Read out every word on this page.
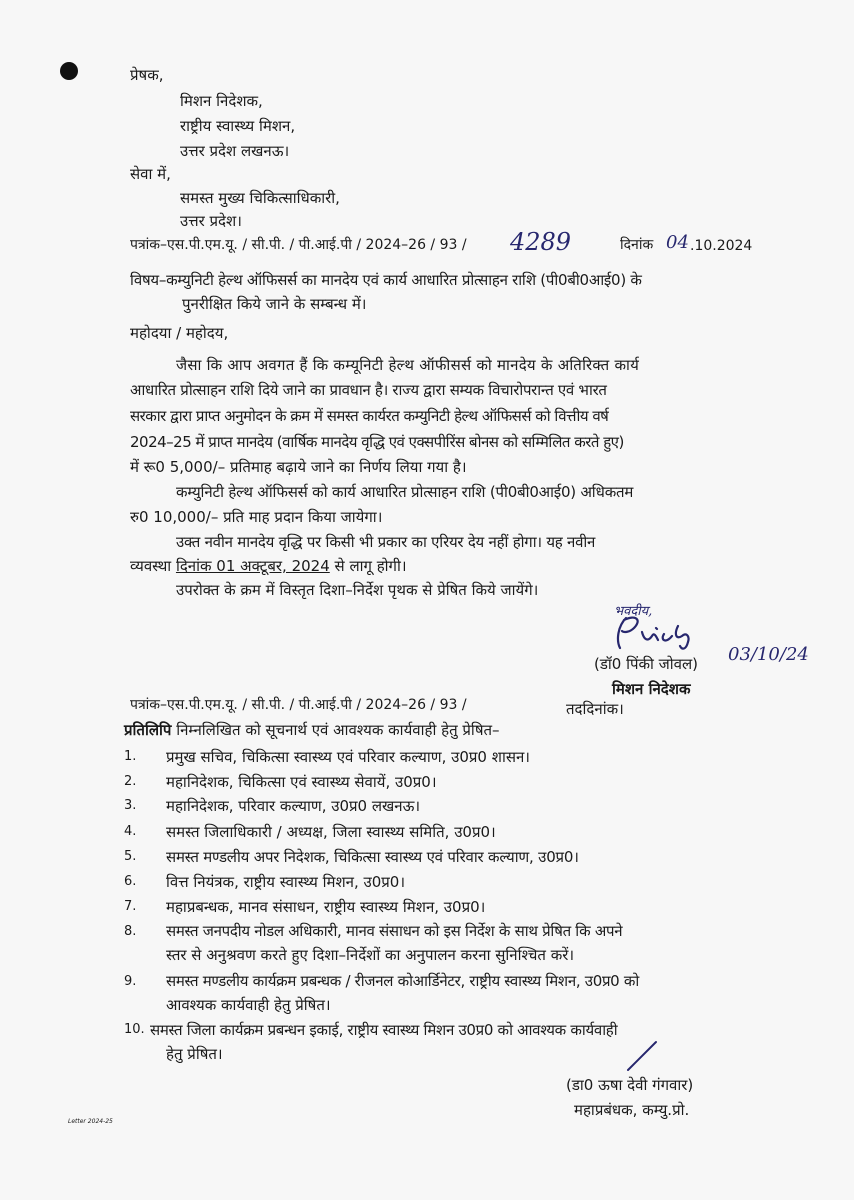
प्रेषक,
मिशन निदेशक,
राष्ट्रीय स्वास्थ्य मिशन,
उत्तर प्रदेश लखनऊ।
सेवा में,
समस्त मुख्य चिकित्साधिकारी,
उत्तर प्रदेश।
पत्रांक–एस.पी.एम.यू. / सी.पी. / पी.आई.पी / 2024–26 / 93 / 4289	दिनांक 04 .10.2024
विषय–कम्युनिटी हेल्थ ऑफिसर्स का मानदेय एवं कार्य आधारित प्रोत्साहन राशि (पी0बी0आई0) के
पुनरीक्षित किये जाने के सम्बन्ध में।
महोदया / महोदय,
जैसा कि आप अवगत हैं कि कम्यूनिटी हेल्थ ऑफीसर्स को मानदेय के अतिरिक्त कार्य
आधारित प्रोत्साहन राशि दिये जाने का प्रावधान है। राज्य द्वारा सम्यक विचारोपरान्त एवं भारत
सरकार द्वारा प्राप्त अनुमोदन के क्रम में समस्त कार्यरत कम्युनिटी हेल्थ ऑफिसर्स को वित्तीय वर्ष
2024–25 में प्राप्त मानदेय (वार्षिक मानदेय वृद्धि एवं एक्सपीरिंस बोनस को सम्मिलित करते हुए)
में रू0 5,000/– प्रतिमाह बढ़ाये जाने का निर्णय लिया गया है।
कम्युनिटी हेल्थ ऑफिसर्स को कार्य आधारित प्रोत्साहन राशि (पी0बी0आई0) अधिकतम
रु0 10,000/– प्रति माह प्रदान किया जायेगा।
उक्त नवीन मानदेय वृद्धि पर किसी भी प्रकार का एरियर देय नहीं होगा। यह नवीन
व्यवस्था दिनांक 01 अक्टूबर, 2024 से लागू होगी।
उपरोक्त के क्रम में विस्तृत दिशा–निर्देश पृथक से प्रेषित किये जायेंगे।
भवदीय,
03/10/24
(डॉ0 पिंकी जोवल)
मिशन निदेशक
पत्रांक–एस.पी.एम.यू. / सी.पी. / पी.आई.पी / 2024–26 / 93 /	तददिनांक।
प्रतिलिपि निम्नलिखित को सूचनार्थ एवं आवश्यक कार्यवाही हेतु प्रेषित–
1. प्रमुख सचिव, चिकित्सा स्वास्थ्य एवं परिवार कल्याण, उ0प्र0 शासन।
2. महानिदेशक, चिकित्सा एवं स्वास्थ्य सेवायें, उ0प्र0।
3. महानिदेशक, परिवार कल्याण, उ0प्र0 लखनऊ।
4. समस्त जिलाधिकारी / अध्यक्ष, जिला स्वास्थ्य समिति, उ0प्र0।
5. समस्त मण्डलीय अपर निदेशक, चिकित्सा स्वास्थ्य एवं परिवार कल्याण, उ0प्र0।
6. वित्त नियंत्रक, राष्ट्रीय स्वास्थ्य मिशन, उ0प्र0।
7. महाप्रबन्धक, मानव संसाधन, राष्ट्रीय स्वास्थ्य मिशन, उ0प्र0।
8. समस्त जनपदीय नोडल अधिकारी, मानव संसाधन को इस निर्देश के साथ प्रेषित कि अपने
स्तर से अनुश्रवण करते हुए दिशा–निर्देशों का अनुपालन करना सुनिश्चित करें।
9. समस्त मण्डलीय कार्यक्रम प्रबन्धक / रीजनल कोआर्डिनेटर, राष्ट्रीय स्वास्थ्य मिशन, उ0प्र0 को
आवश्यक कार्यवाही हेतु प्रेषित।
10. समस्त जिला कार्यक्रम प्रबन्धन इकाई, राष्ट्रीय स्वास्थ्य मिशन उ0प्र0 को आवश्यक कार्यवाही
हेतु प्रेषित।
(डा0 ऊषा देवी गंगवार)
महाप्रबंधक, कम्यु.प्रो.
Letter 2024-25
